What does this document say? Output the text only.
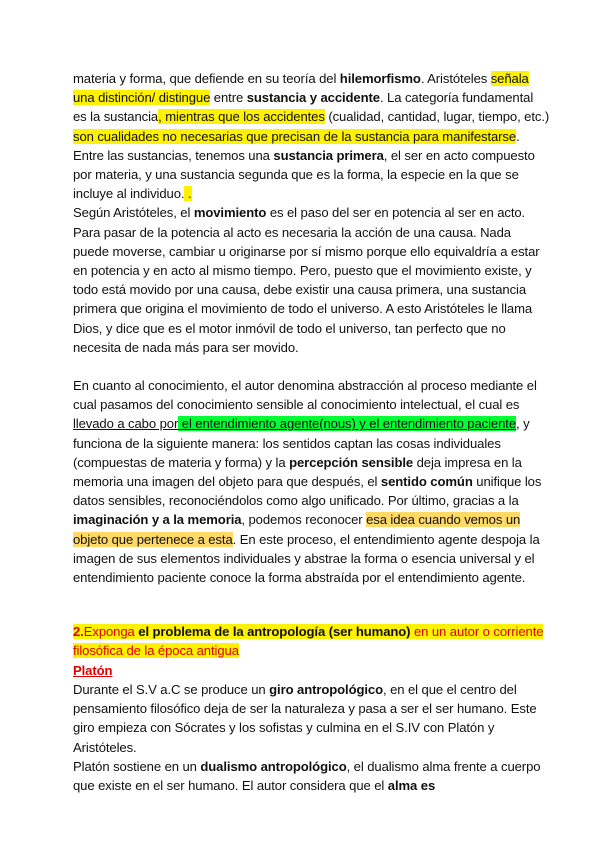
materia y forma, que defiende en su teoría del hilemorfismo. Aristóteles señala una distinción/ distingue entre sustancia y accidente. La categoría fundamental es la sustancia, mientras que los accidentes (cualidad, cantidad, lugar, tiempo, etc.) son cualidades no necesarias que precisan de la sustancia para manifestarse. Entre las sustancias, tenemos una sustancia primera, el ser en acto compuesto por materia, y una sustancia segunda que es la forma, la especie en la que se incluye al individuo. .
Según Aristóteles, el movimiento es el paso del ser en potencia al ser en acto. Para pasar de la potencia al acto es necesaria la acción de una causa. Nada puede moverse, cambiar u originarse por sí mismo porque ello equivaldría a estar en potencia y en acto al mismo tiempo. Pero, puesto que el movimiento existe, y todo está movido por una causa, debe existir una causa primera, una sustancia primera que origina el movimiento de todo el universo. A esto Aristóteles le llama Dios, y dice que es el motor inmóvil de todo el universo, tan perfecto que no necesita de nada más para ser movido.

En cuanto al conocimiento, el autor denomina abstracción al proceso mediante el cual pasamos del conocimiento sensible al conocimiento intelectual, el cual es llevado a cabo por el entendimiento agente(nous) y el entendimiento paciente, y funciona de la siguiente manera: los sentidos captan las cosas individuales (compuestas de materia y forma) y la percepción sensible deja impresa en la memoria una imagen del objeto para que después, el sentido común unifique los datos sensibles, reconociéndolos como algo unificado. Por último, gracias a la imaginación y a la memoria, podemos reconocer esa idea cuando vemos un objeto que pertenece a esta. En este proceso, el entendimiento agente despoja la imagen de sus elementos individuales y abstrae la forma o esencia universal y el entendimiento paciente conoce la forma abstraída por el entendimiento agente.

2.Exponga el problema de la antropología (ser humano) en un autor o corriente filosófica de la época antigua

Platón

Durante el S.V a.C se produce un giro antropológico, en el que el centro del pensamiento filosófico deja de ser la naturaleza y pasa a ser el ser humano. Este giro empieza con Sócrates y los sofistas y culmina en el S.IV con Platón y Aristóteles.
Platón sostiene en un dualismo antropológico, el dualismo alma frente a cuerpo que existe en el ser humano. El autor considera que el alma es
